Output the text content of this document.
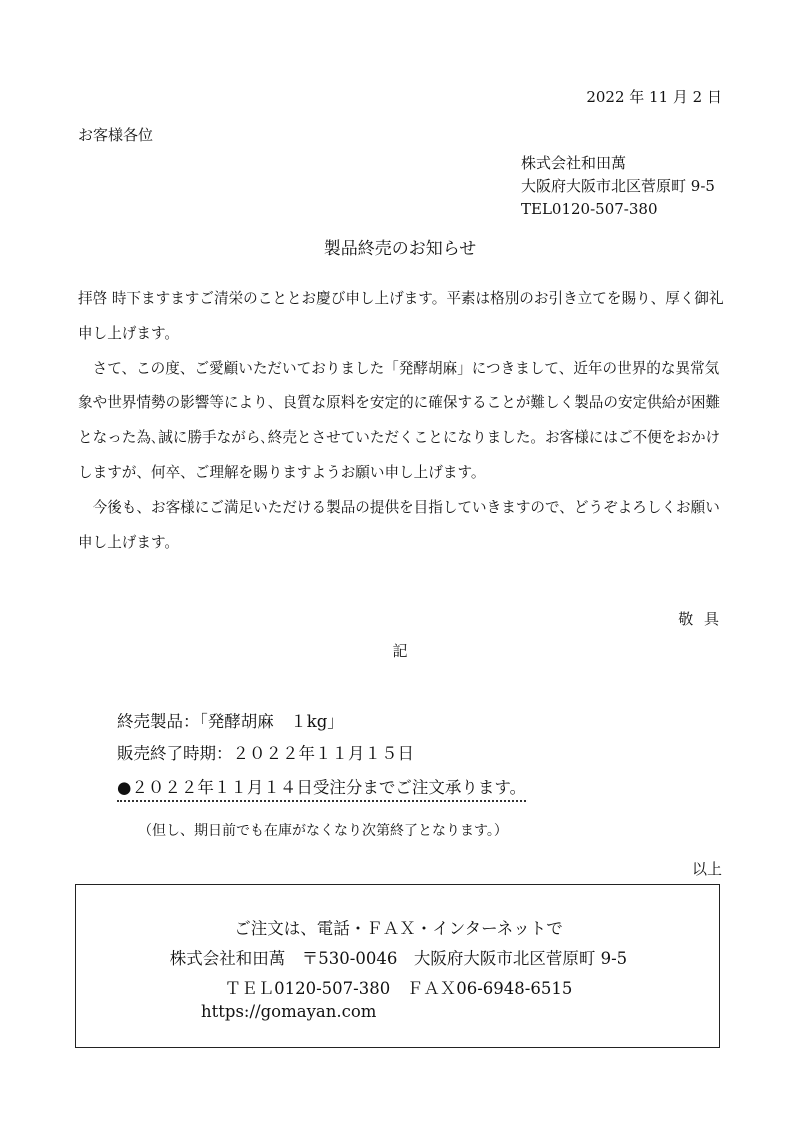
2022 年 11 月 2 日
お客様各位
株式会社和田萬
大阪府大阪市北区菅原町 9-5
TEL0120-507-380
製品終売のお知らせ

拝啓 時下ますますご清栄のこととお慶び申し上げます。平素は格別のお引き立てを賜り、厚く御礼申し上げます。

さて、この度、ご愛顧いただいておりました「発酵胡麻」につきまして、近年の世界的な異常気象や世界情勢の影響等により、良質な原料を安定的に確保することが難しく製品の安定供給が困難となった為､誠に勝手ながら､終売とさせていただくことになりました。お客様にはご不便をおかけしますが、何卒、ご理解を賜りますようお願い申し上げます。

今後も、お客様にご満足いただける製品の提供を目指していきますので、どうぞよろしくお願い申し上げます。

敬 具
記
終売製品：「発酵胡麻　１kg」
販売終了時期：２０２２年１１月１５日
●２０２２年１１月１４日受注分までご注文承ります。
（但し、期日前でも在庫がなくなり次第終了となります。）
以上
ご注文は、電話・ＦＡＸ・インターネットで
株式会社和田萬　〒530-0046　大阪府大阪市北区菅原町 9-5
ＴＥＬ0120-507-380　ＦＡＸ06-6948-6515
https://gomayan.com
